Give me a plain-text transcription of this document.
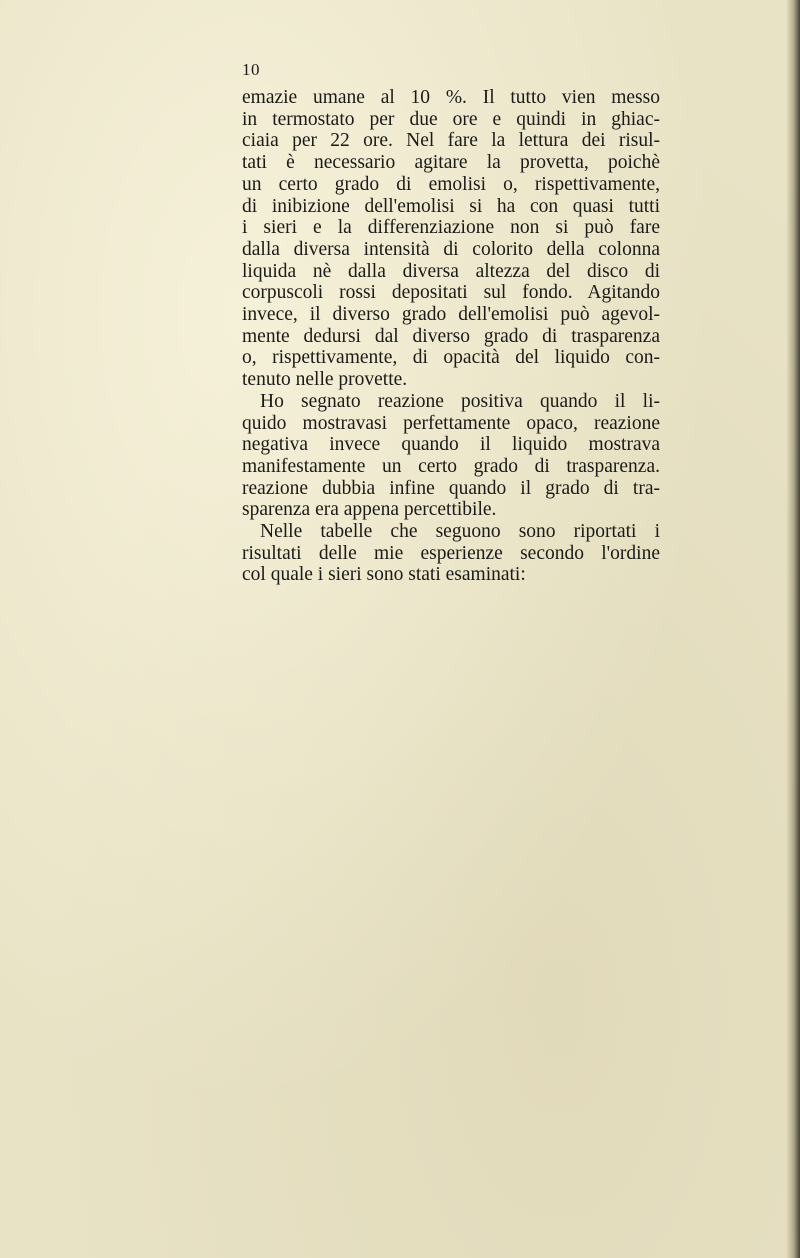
10
emazie umane al 10 %. Il tutto vien messo
in termostato per due ore e quindi in ghiac-
ciaia per 22 ore. Nel fare la lettura dei risul-
tati è necessario agitare la provetta, poichè
un certo grado di emolisi o, rispettivamente,
di inibizione dell'emolisi si ha con quasi tutti
i sieri e la differenziazione non si può fare
dalla diversa intensità di colorito della colonna
liquida nè dalla diversa altezza del disco di
corpuscoli rossi depositati sul fondo. Agitando
invece, il diverso grado dell'emolisi può agevol-
mente dedursi dal diverso grado di trasparenza
o, rispettivamente, di opacità del liquido con-
tenuto nelle provette.
Ho segnato reazione positiva quando il li-
quido mostravasi perfettamente opaco, reazione
negativa invece quando il liquido mostrava
manifestamente un certo grado di trasparenza.
reazione dubbia infine quando il grado di tra-
sparenza era appena percettibile.
Nelle tabelle che seguono sono riportati i
risultati delle mie esperienze secondo l'ordine
col quale i sieri sono stati esaminati:
